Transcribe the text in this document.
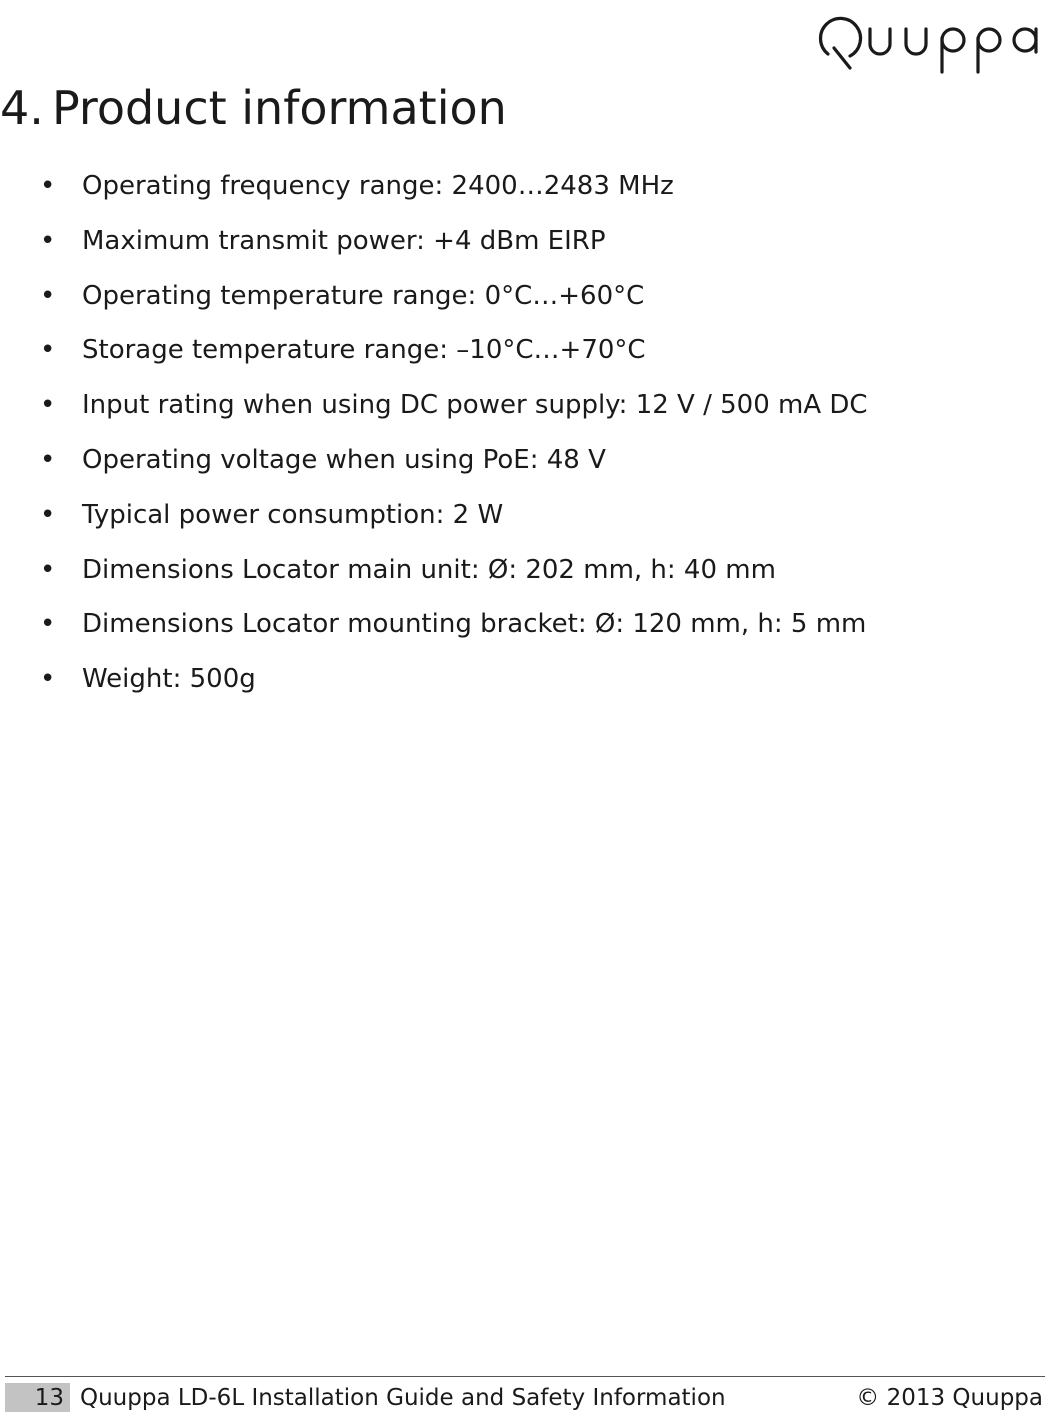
4. Product information
• Operating frequency range: 2400…2483 MHz
• Maximum transmit power: +4 dBm EIRP
• Operating temperature range: 0°C…+60°C
• Storage temperature range: –10°C…+70°C
• Input rating when using DC power supply: 12 V / 500 mA DC
• Operating voltage when using PoE: 48 V
• Typical power consumption: 2 W
• Dimensions Locator main unit: Ø: 202 mm, h: 40 mm
• Dimensions Locator mounting bracket: Ø: 120 mm, h: 5 mm
• Weight: 500g
13 Quuppa LD-6L Installation Guide and Safety Information	© 2013 Quuppa
